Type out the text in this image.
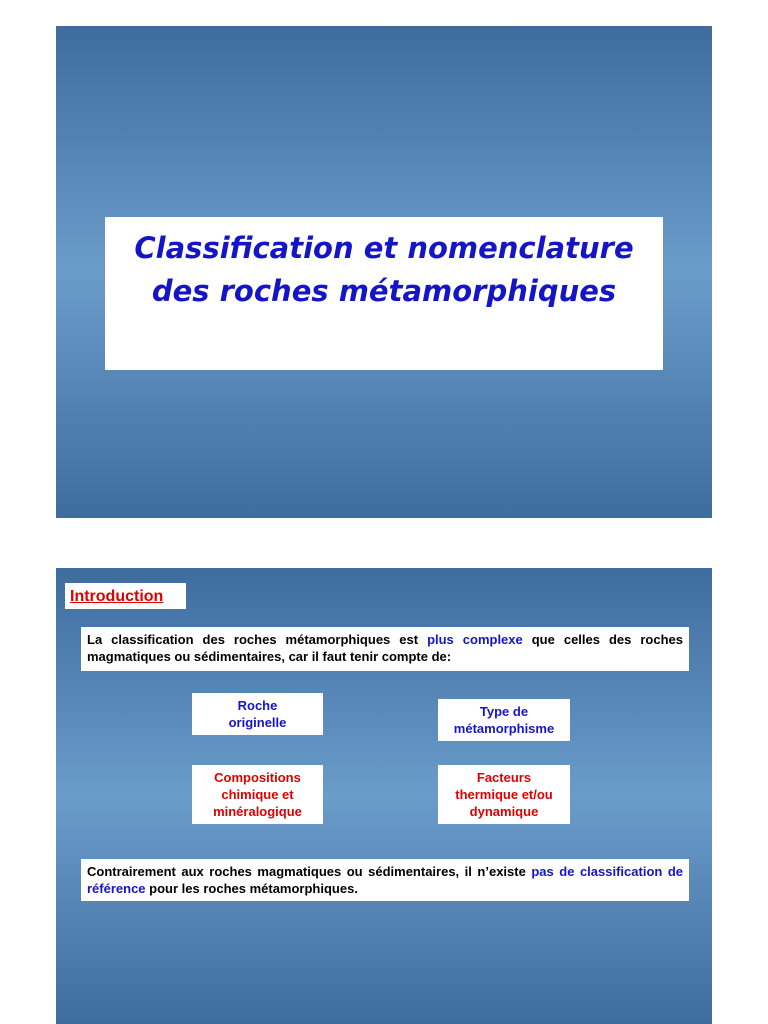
Classification et nomenclature
des roches métamorphiques
Introduction
La classification des roches métamorphiques est plus complexe que celles des roches magmatiques ou sédimentaires, car il faut tenir compte de:
Roche
originelle
Type de
métamorphisme
Compositions
chimique et
minéralogique
Facteurs
thermique et/ou
dynamique
Contrairement aux roches magmatiques ou sédimentaires, il n’existe pas de classification de référence pour les roches métamorphiques.
